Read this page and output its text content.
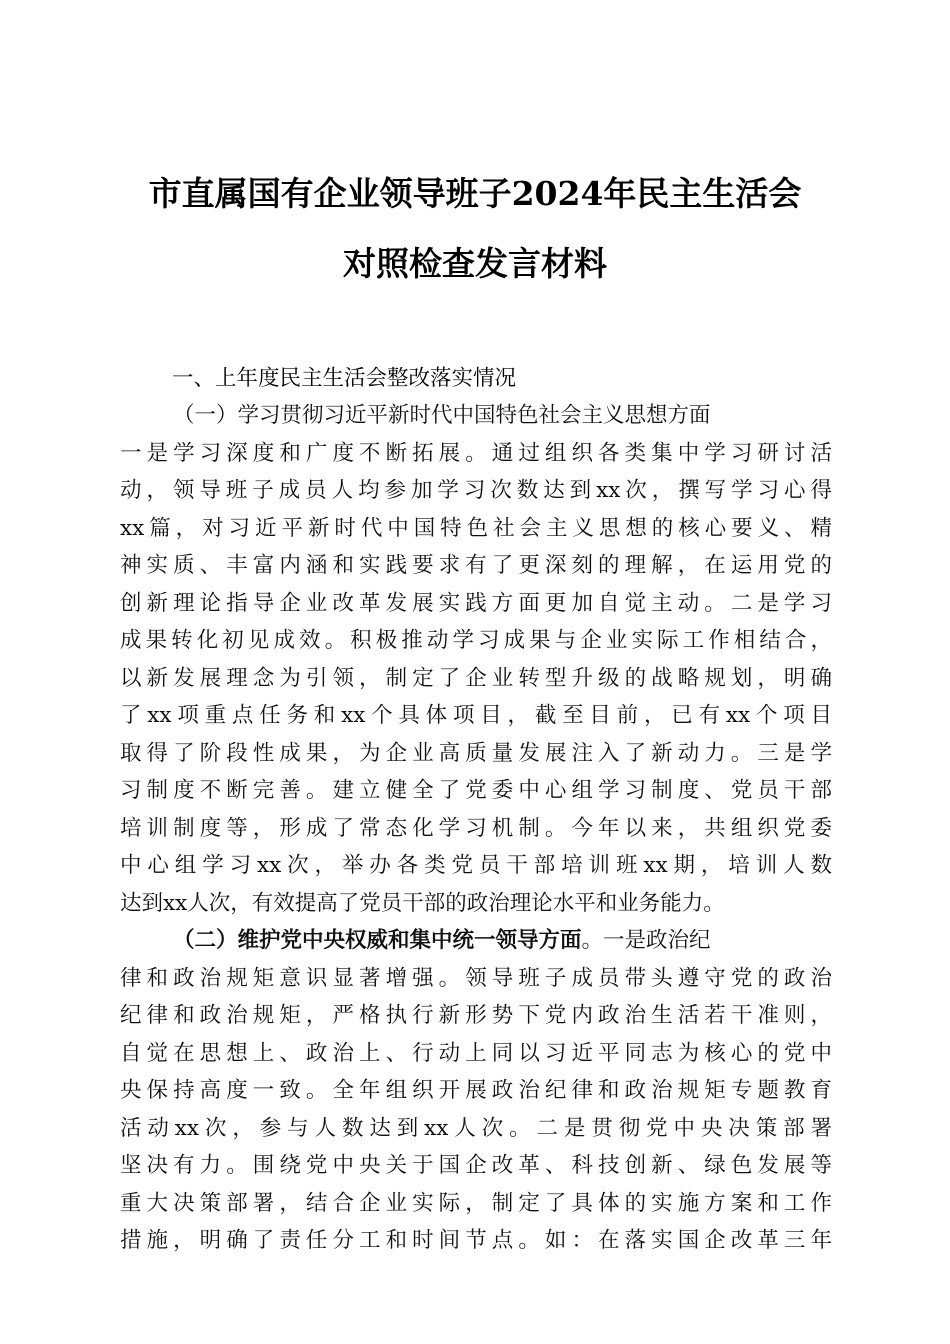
市直属国有企业领导班子2024年民主生活会
对照检查发言材料
一、上年度民主生活会整改落实情况
（一）学习贯彻习近平新时代中国特色社会主义思想方面
一是学习深度和广度不断拓展。通过组织各类集中学习研讨活
动，领导班子成员人均参加学习次数达到xx次，撰写学习心得
xx篇，对习近平新时代中国特色社会主义思想的核心要义、精
神实质、丰富内涵和实践要求有了更深刻的理解，在运用党的
创新理论指导企业改革发展实践方面更加自觉主动。二是学习
成果转化初见成效。积极推动学习成果与企业实际工作相结合，
以新发展理念为引领，制定了企业转型升级的战略规划，明确
了xx项重点任务和xx个具体项目，截至目前，已有xx个项目
取得了阶段性成果，为企业高质量发展注入了新动力。三是学
习制度不断完善。建立健全了党委中心组学习制度、党员干部
培训制度等，形成了常态化学习机制。今年以来，共组织党委
中心组学习xx次，举办各类党员干部培训班xx期，培训人数
达到xx人次，有效提高了党员干部的政治理论水平和业务能力。
（二）维护党中央权威和集中统一领导方面。一是政治纪
律和政治规矩意识显著增强。领导班子成员带头遵守党的政治
纪律和政治规矩，严格执行新形势下党内政治生活若干准则，
自觉在思想上、政治上、行动上同以习近平同志为核心的党中
央保持高度一致。全年组织开展政治纪律和政治规矩专题教育
活动xx次，参与人数达到xx人次。二是贯彻党中央决策部署
坚决有力。围绕党中央关于国企改革、科技创新、绿色发展等
重大决策部署，结合企业实际，制定了具体的实施方案和工作
措施，明确了责任分工和时间节点。如：在落实国企改革三年
